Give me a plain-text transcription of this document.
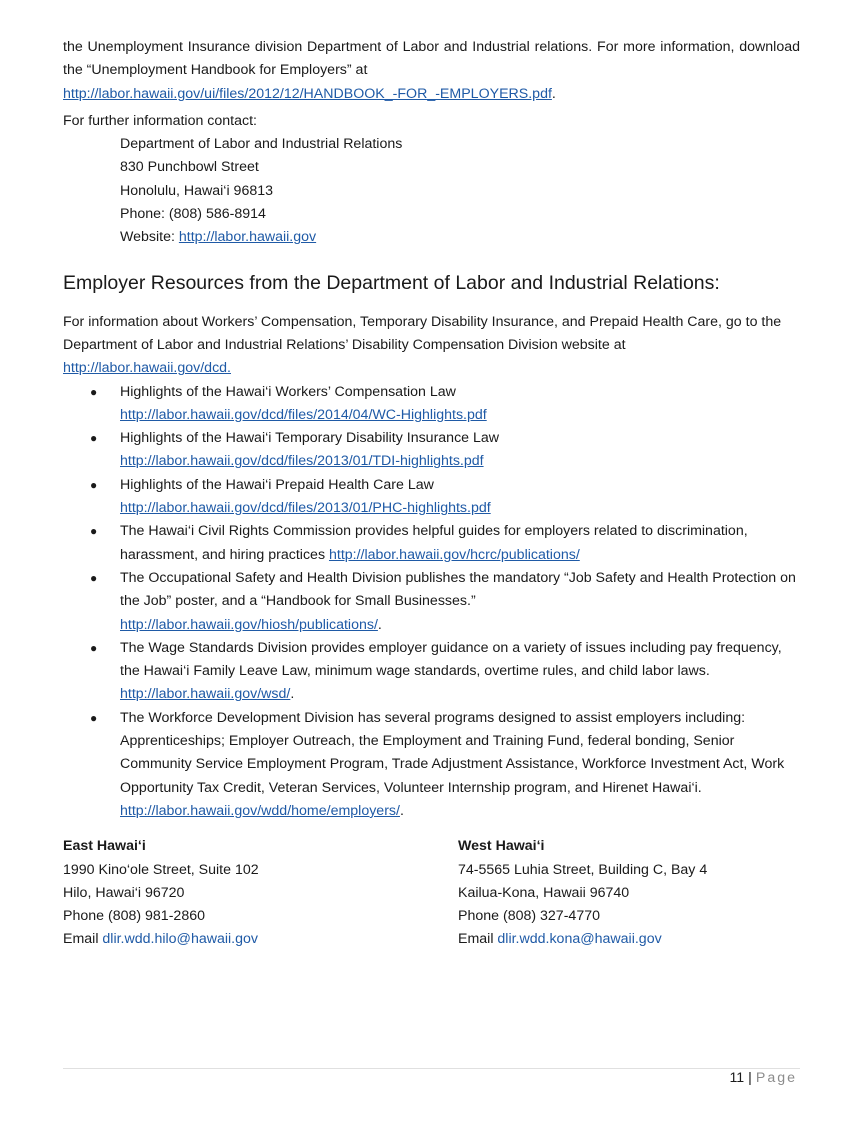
the Unemployment Insurance division Department of Labor and Industrial relations. For more information, download the “Unemployment Handbook for Employers” at
http://labor.hawaii.gov/ui/files/2012/12/HANDBOOK_-FOR_-EMPLOYERS.pdf.

For further information contact:

Department of Labor and Industrial Relations
830 Punchbowl Street
Honolulu, Hawai‘i 96813
Phone: (808) 586-8914
Website: http://labor.hawaii.gov
Employer Resources from the Department of Labor and Industrial Relations:

For information about Workers’ Compensation, Temporary Disability Insurance, and Prepaid Health Care, go to the Department of Labor and Industrial Relations’ Disability Compensation Division website at
http://labor.hawaii.gov/dcd.

● Highlights of the Hawai‘i Workers’ Compensation Law
http://labor.hawaii.gov/dcd/files/2014/04/WC-Highlights.pdf
● Highlights of the Hawai‘i Temporary Disability Insurance Law
http://labor.hawaii.gov/dcd/files/2013/01/TDI-highlights.pdf
● Highlights of the Hawai‘i Prepaid Health Care Law
http://labor.hawaii.gov/dcd/files/2013/01/PHC-highlights.pdf
● The Hawai‘i Civil Rights Commission provides helpful guides for employers related to discrimination, harassment, and hiring practices http://labor.hawaii.gov/hcrc/publications/
● The Occupational Safety and Health Division publishes the mandatory “Job Safety and Health Protection on the Job” poster, and a “Handbook for Small Businesses.”
http://labor.hawaii.gov/hiosh/publications/.
● The Wage Standards Division provides employer guidance on a variety of issues including pay frequency, the Hawai‘i Family Leave Law, minimum wage standards, overtime rules, and child labor laws. http://labor.hawaii.gov/wsd/.
● The Workforce Development Division has several programs designed to assist employers including: Apprenticeships; Employer Outreach, the Employment and Training Fund, federal bonding, Senior Community Service Employment Program, Trade Adjustment Assistance, Workforce Investment Act, Work Opportunity Tax Credit, Veteran Services, Volunteer Internship program, and Hirenet Hawai‘i.
http://labor.hawaii.gov/wdd/home/employers/.
East Hawai‘i
1990 Kino‘ole Street, Suite 102
Hilo, Hawai‘i 96720
Phone (808) 981-2860
Email dlir.wdd.hilo@hawaii.gov
West Hawai‘i
74-5565 Luhia Street, Building C, Bay 4
Kailua-Kona, Hawaii 96740
Phone (808) 327-4770
Email dlir.wdd.kona@hawaii.gov
11 | Page
